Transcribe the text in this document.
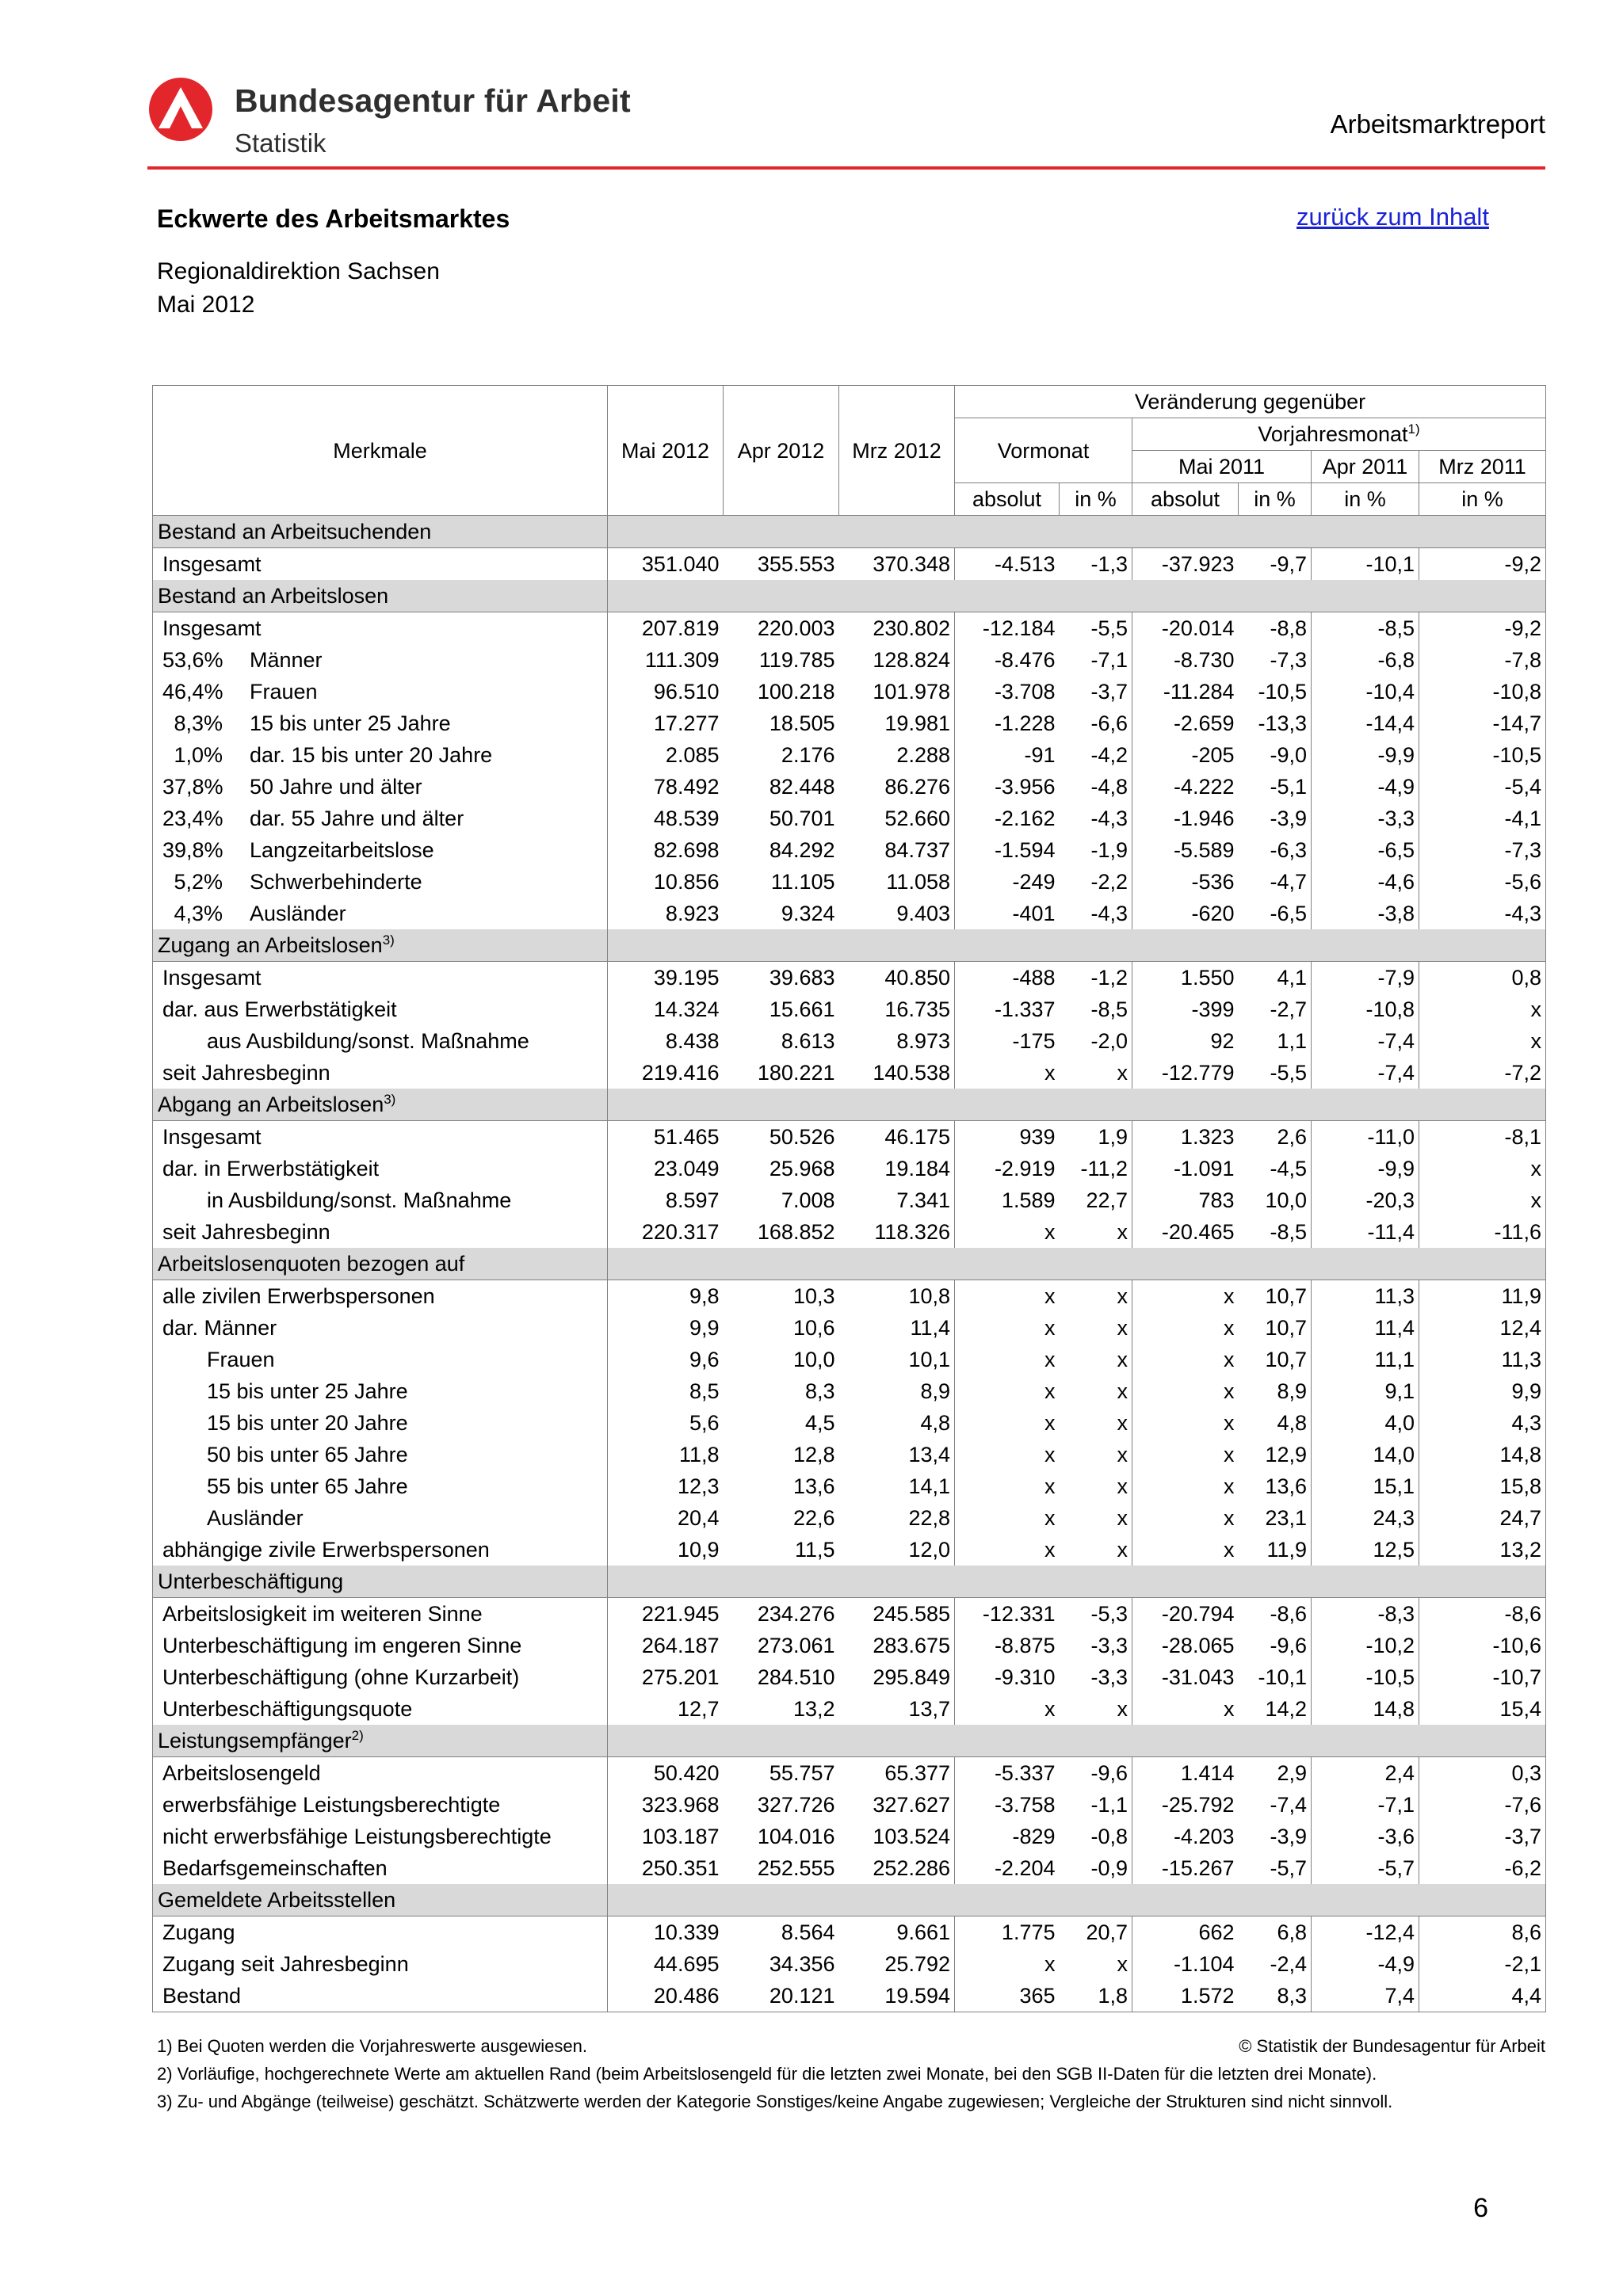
Bundesagentur für Arbeit
Statistik
Arbeitsmarktreport
Eckwerte des Arbeitsmarktes	zurück zum Inhalt
Regionaldirektion Sachsen
Mai 2012
Merkmale	Mai 2012	Apr 2012	Mrz 2012	Veränderung gegenüber					
				Vormonat		Vorjahresmonat$^{1)}$
						Mai 2011		Apr 2011	Mrz 2011
				absolut	in %	absolut	in %	in %	in %
Bestand an Arbeitsuchenden									
Insgesamt	351.040	355.553	370.348	-4.513	-1,3	-37.923	-9,7	-10,1	-9,2
Bestand an Arbeitslosen									
Insgesamt	207.819	220.003	230.802	-12.184	-5,5	-20.014	-8,8	-8,5	-9,2
53,6% Männer	111.309	119.785	128.824	-8.476	-7,1	-8.730	-7,3	-6,8	-7,8
46,4% Frauen	96.510	100.218	101.978	-3.708	-3,7	-11.284	-10,5	-10,4	-10,8
8,3% 15 bis unter 25 Jahre	17.277	18.505	19.981	-1.228	-6,6	-2.659	-13,3	-14,4	-14,7
1,0% dar. 15 bis unter 20 Jahre	2.085	2.176	2.288	-91	-4,2	-205	-9,0	-9,9	-10,5
37,8% 50 Jahre und älter	78.492	82.448	86.276	-3.956	-4,8	-4.222	-5,1	-4,9	-5,4
23,4% dar. 55 Jahre und älter	48.539	50.701	52.660	-2.162	-4,3	-1.946	-3,9	-3,3	-4,1
39,8% Langzeitarbeitslose	82.698	84.292	84.737	-1.594	-1,9	-5.589	-6,3	-6,5	-7,3
5,2% Schwerbehinderte	10.856	11.105	11.058	-249	-2,2	-536	-4,7	-4,6	-5,6
4,3% Ausländer	8.923	9.324	9.403	-401	-4,3	-620	-6,5	-3,8	-4,3
Zugang an Arbeitslosen$^{3)}$	
Insgesamt	39.195	39.683	40.850	-488	-1,2	1.550	4,1	-7,9	0,8
dar. aus Erwerbstätigkeit	14.324	15.661	16.735	-1.337	-8,5	-399	-2,7	-10,8	x
aus Ausbildung/sonst. Maßnahme	8.438	8.613	8.973	-175	-2,0	92	1,1	-7,4	x
seit Jahresbeginn	219.416	180.221	140.538	x	x	-12.779	-5,5	-7,4	-7,2
Abgang an Arbeitslosen$^{3)}$	
Insgesamt	51.465	50.526	46.175	939	1,9	1.323	2,6	-11,0	-8,1
dar. in Erwerbstätigkeit	23.049	25.968	19.184	-2.919	-11,2	-1.091	-4,5	-9,9	x
in Ausbildung/sonst. Maßnahme	8.597	7.008	7.341	1.589	22,7	783	10,0	-20,3	x
seit Jahresbeginn	220.317	168.852	118.326	x	x	-20.465	-8,5	-11,4	-11,6
Arbeitslosenquoten bezogen auf									
alle zivilen Erwerbspersonen	9,8	10,3	10,8	x	x	x	10,7	11,3	11,9
dar. Männer	9,9	10,6	11,4	x	x	x	10,7	11,4	12,4
Frauen	9,6	10,0	10,1	x	x	x	10,7	11,1	11,3
15 bis unter 25 Jahre	8,5	8,3	8,9	x	x	x	8,9	9,1	9,9
15 bis unter 20 Jahre	5,6	4,5	4,8	x	x	x	4,8	4,0	4,3
50 bis unter 65 Jahre	11,8	12,8	13,4	x	x	x	12,9	14,0	14,8
55 bis unter 65 Jahre	12,3	13,6	14,1	x	x	x	13,6	15,1	15,8
Ausländer	20,4	22,6	22,8	x	x	x	23,1	24,3	24,7
abhängige zivile Erwerbspersonen	10,9	11,5	12,0	x	x	x	11,9	12,5	13,2
Unterbeschäftigung									
Arbeitslosigkeit im weiteren Sinne	221.945	234.276	245.585	-12.331	-5,3	-20.794	-8,6	-8,3	-8,6
Unterbeschäftigung im engeren Sinne	264.187	273.061	283.675	-8.875	-3,3	-28.065	-9,6	-10,2	-10,6
Unterbeschäftigung (ohne Kurzarbeit)	275.201	284.510	295.849	-9.310	-3,3	-31.043	-10,1	-10,5	-10,7
Unterbeschäftigungsquote	12,7	13,2	13,7	x	x	x	14,2	14,8	15,4
Leistungsempfänger$^{2)}$	
Arbeitslosengeld	50.420	55.757	65.377	-5.337	-9,6	1.414	2,9	2,4	0,3
erwerbsfähige Leistungsberechtigte	323.968	327.726	327.627	-3.758	-1,1	-25.792	-7,4	-7,1	-7,6
nicht erwerbsfähige Leistungsberechtigte	103.187	104.016	103.524	-829	-0,8	-4.203	-3,9	-3,6	-3,7
Bedarfsgemeinschaften	250.351	252.555	252.286	-2.204	-0,9	-15.267	-5,7	-5,7	-6,2
Gemeldete Arbeitsstellen									
Zugang	10.339	8.564	9.661	1.775	20,7	662	6,8	-12,4	8,6
Zugang seit Jahresbeginn	44.695	34.356	25.792	x	x	-1.104	-2,4	-4,9	-2,1
Bestand	20.486	20.121	19.594	365	1,8	1.572	8,3	7,4	4,4
1) Bei Quoten werden die Vorjahreswerte ausgewiesen.	© Statistik der Bundesagentur für Arbeit
2) Vorläufige, hochgerechnete Werte am aktuellen Rand (beim Arbeitslosengeld für die letzten zwei Monate, bei den SGB II-Daten für die letzten drei Monate).
3) Zu- und Abgänge (teilweise) geschätzt. Schätzwerte werden der Kategorie Sonstiges/keine Angabe zugewiesen; Vergleiche der Strukturen sind nicht sinnvoll.
6
